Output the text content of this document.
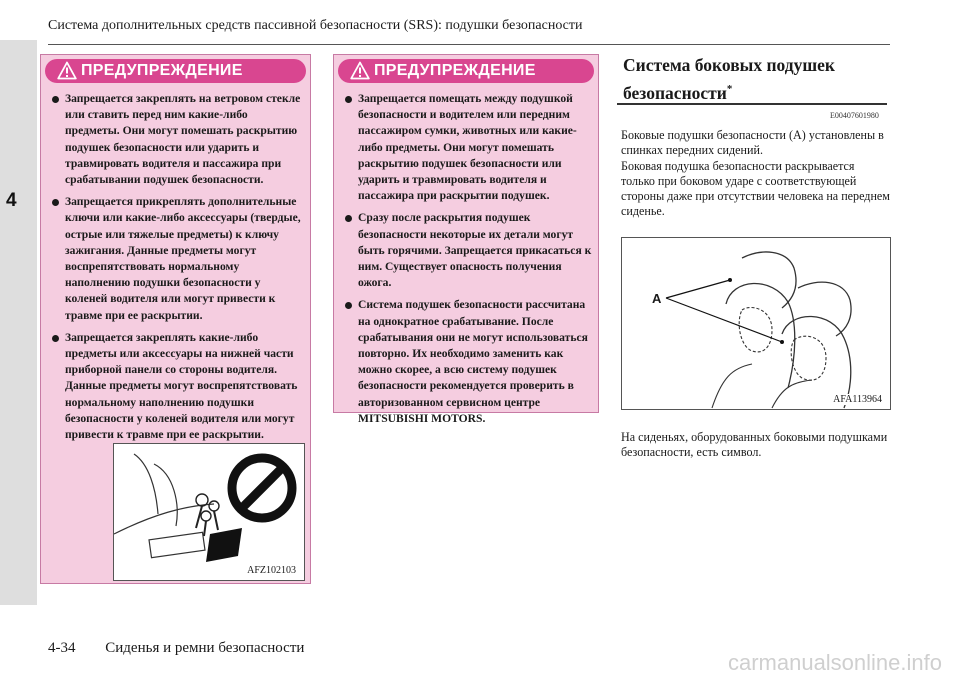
4
Система дополнительных средств пассивной безопасности (SRS): подушки безопасности
ПРЕДУПРЕЖДЕНИЕ
Запрещается закреплять на ветровом стекле или ставить перед ним какие-либо предметы. Они могут помешать раскрытию подушек безопасности или ударить и травмировать водителя и пассажира при срабатывании подушек безопасности.
Запрещается прикреплять дополнительные ключи или какие-либо аксессуары (твердые, острые или тяжелые предметы) к ключу зажигания. Данные предметы могут воспрепятствовать нормальному наполнению подушки безопасности у коленей водителя или могут привести к травме при ее раскрытии.
Запрещается закреплять какие-либо предметы или аксессуары на нижней части приборной панели со стороны водителя. Данные предметы могут воспрепятствовать нормальному наполнению подушки безопасности у коленей водителя или могут привести к травме при ее раскрытии.
AFZ102103
ПРЕДУПРЕЖДЕНИЕ
Запрещается помещать между подушкой безопасности и водителем или передним пассажиром сумки, животных или какие-либо предметы. Они могут помешать раскрытию подушек безопасности или ударить и травмировать водителя и пассажира при раскрытии подушек.
Сразу после раскрытия подушек безопасности некоторые их детали могут быть горячими. Запрещается прикасаться к ним. Существует опасность получения ожога.
Система подушек безопасности рассчитана на однократное срабатывание. После срабатывания они не могут использоваться повторно. Их необходимо заменить как можно скорее, а всю систему подушек безопасности рекомендуется проверить в авторизованном сервисном центре MITSUBISHI MOTORS.
Система боковых подушек
безопасности*
E00407601980
Боковые подушки безопасности (A) установлены в спинках передних сидений.
Боковая подушка безопасности раскрывается только при боковом ударе с соответствующей стороны даже при отсутствии человека на переднем сиденье.
A
AFA113964
На сиденьях, оборудованных боковыми подушками безопасности, есть символ.
4-34 Сиденья и ремни безопасности
carmanualsonline.info
